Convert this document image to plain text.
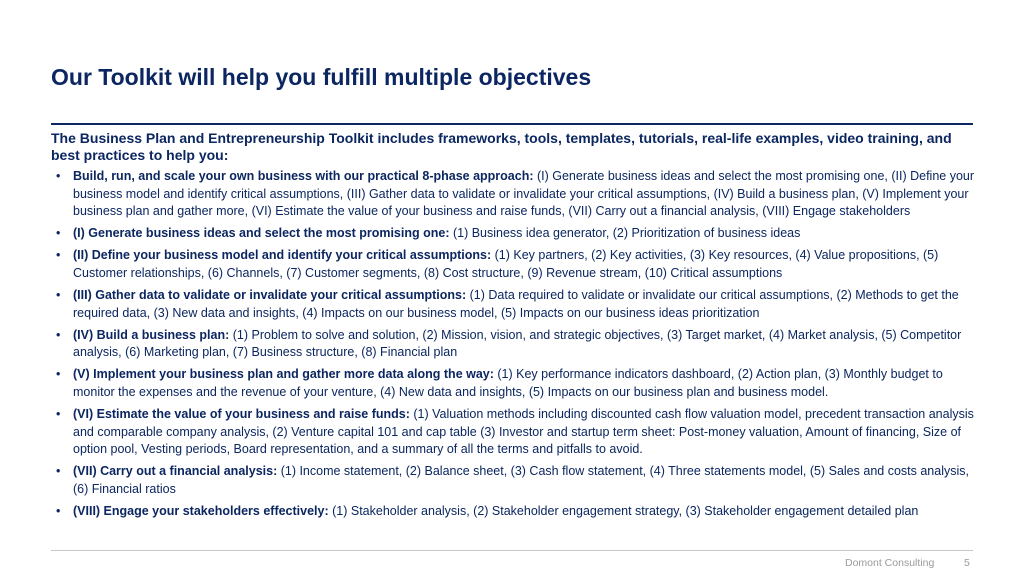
Our Toolkit will help you fulfill multiple objectives
The Business Plan and Entrepreneurship Toolkit includes frameworks, tools, templates, tutorials, real-life examples, video training, and best practices to help you:
• Build, run, and scale your own business with our practical 8-phase approach: (I) Generate business ideas and select the most promising one, (II) Define your business model and identify critical assumptions, (III) Gather data to validate or invalidate your critical assumptions, (IV) Build a business plan, (V) Implement your business plan and gather more, (VI) Estimate the value of your business and raise funds, (VII) Carry out a financial analysis, (VIII) Engage stakeholders
• (I) Generate business ideas and select the most promising one: (1) Business idea generator, (2) Prioritization of business ideas
• (II) Define your business model and identify your critical assumptions: (1) Key partners, (2) Key activities, (3) Key resources, (4) Value propositions, (5) Customer relationships, (6) Channels, (7) Customer segments, (8) Cost structure, (9) Revenue stream, (10) Critical assumptions
• (III) Gather data to validate or invalidate your critical assumptions: (1) Data required to validate or invalidate our critical assumptions, (2) Methods to get the required data, (3) New data and insights, (4) Impacts on our business model, (5) Impacts on our business ideas prioritization
• (IV) Build a business plan: (1) Problem to solve and solution, (2) Mission, vision, and strategic objectives, (3) Target market, (4) Market analysis, (5) Competitor analysis, (6) Marketing plan, (7) Business structure, (8) Financial plan
• (V) Implement your business plan and gather more data along the way: (1) Key performance indicators dashboard, (2) Action plan, (3) Monthly budget to monitor the expenses and the revenue of your venture, (4) New data and insights, (5) Impacts on our business plan and business model.
• (VI) Estimate the value of your business and raise funds: (1) Valuation methods including discounted cash flow valuation model, precedent transaction analysis and comparable company analysis, (2) Venture capital 101 and cap table (3) Investor and startup term sheet: Post-money valuation, Amount of financing, Size of option pool, Vesting periods, Board representation, and a summary of all the terms and pitfalls to avoid.
• (VII) Carry out a financial analysis: (1) Income statement, (2) Balance sheet, (3) Cash flow statement, (4) Three statements model, (5) Sales and costs analysis, (6) Financial ratios
• (VIII) Engage your stakeholders effectively: (1) Stakeholder analysis, (2) Stakeholder engagement strategy, (3) Stakeholder engagement detailed plan
Domont Consulting	5
